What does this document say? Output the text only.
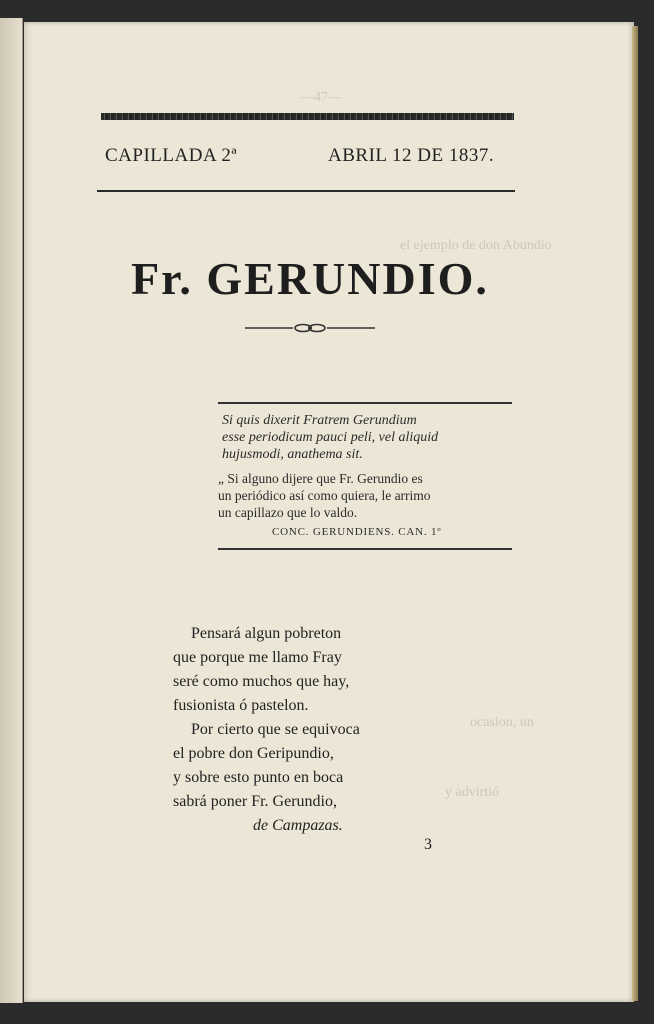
—47—
el ejemplo de don Abundio
ocasion, un
y advirtió
CAPILLADA 2ª	ABRIL 12 DE 1837.
Fr. GERUNDIO.
Si quis dixerit Fratrem Gerundium
esse periodicum pauci peli, vel aliquid
hujusmodi, anathema sit.
„ Si alguno dijere que Fr. Gerundio es
un periódico así como quiera, le arrimo
un capillazo que lo valdo.
CONC. GERUNDIENS. CAN. 1º
Pensará algun pobreton
que porque me llamo Fray
seré como muchos que hay,
fusionista ó pastelon.
Por cierto que se equivoca
el pobre don Geripundio,
y sobre esto punto en boca
sabrá poner Fr. Gerundio,
de Campazas.
3
